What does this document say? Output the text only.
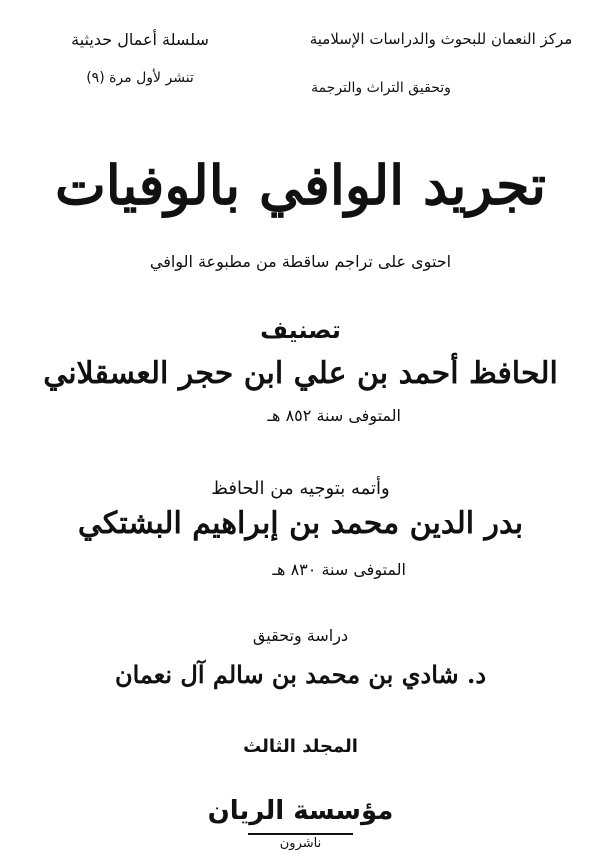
مركز النعمان للبحوث والدراسات الإسلامية
وتحقيق التراث والترجمة
سلسلة أعمال حديثية
تنشر لأول مرة (٩)
تجريد الوافي بالوفيات
احتوى على تراجم ساقطة من مطبوعة الوافي
تصنيف
الحافظ أحمد بن علي ابن حجر العسقلاني
المتوفى سنة ٨٥٢ هـ
وأتمه بتوجيه من الحافظ
بدر الدين محمد بن إبراهيم البشتكي
المتوفى سنة ٨٣٠ هـ
دراسة وتحقيق
د. شادي بن محمد بن سالم آل نعمان
المجلد الثالث
مؤسسة الريان
ناشرون
